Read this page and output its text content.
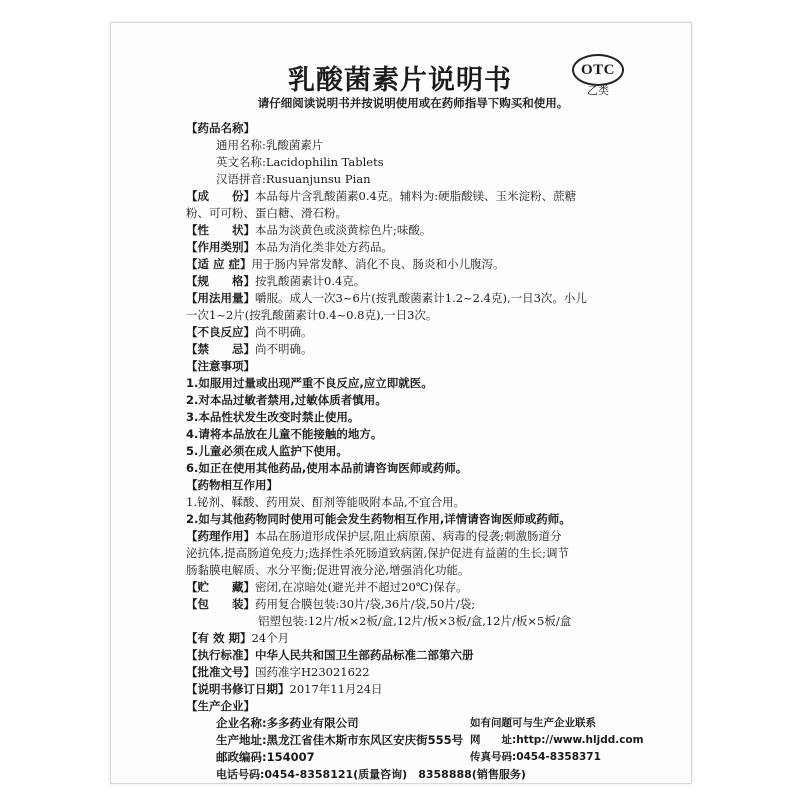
OTC
乙类
乳酸菌素片说明书
请仔细阅读说明书并按说明使用或在药师指导下购买和使用。
【药品名称】
通用名称:乳酸菌素片
英文名称:Lacidophilin Tablets
汉语拼音:Rusuanjunsu Pian
【成　　份】本品每片含乳酸菌素0.4克。辅料为:硬脂酸镁、玉米淀粉、蔗糖
粉、可可粉、蛋白糖、滑石粉。
【性　　状】本品为淡黄色或淡黄棕色片;味酸。
【作用类别】本品为消化类非处方药品。
【适 应 症】用于肠内异常发酵、消化不良、肠炎和小儿腹泻。
【规　　格】按乳酸菌素计0.4克。
【用法用量】嚼服。成人一次3~6片(按乳酸菌素计1.2~2.4克),一日3次。小儿
一次1~2片(按乳酸菌素计0.4~0.8克),一日3次。
【不良反应】尚不明确。
【禁　　忌】尚不明确。
【注意事项】
1.如服用过量或出现严重不良反应,应立即就医。
2.对本品过敏者禁用,过敏体质者慎用。
3.本品性状发生改变时禁止使用。
4.请将本品放在儿童不能接触的地方。
5.儿童必须在成人监护下使用。
6.如正在使用其他药品,使用本品前请咨询医师或药师。
【药物相互作用】
1.铋剂、鞣酸、药用炭、酊剂等能吸附本品,不宜合用。
2.如与其他药物同时使用可能会发生药物相互作用,详情请咨询医师或药师。
【药理作用】本品在肠道形成保护层,阻止病原菌、病毒的侵袭;刺激肠道分
泌抗体,提高肠道免疫力;选择性杀死肠道致病菌,保护促进有益菌的生长;调节
肠黏膜电解质、水分平衡;促进胃液分泌,增强消化功能。
【贮　　藏】密闭,在凉暗处(避光并不超过20℃)保存。
【包　　装】药用复合膜包装:30片/袋,36片/袋,50片/袋;
铝塑包装:12片/板×2板/盒,12片/板×3板/盒,12片/板×5板/盒
【有 效 期】24个月
【执行标准】中华人民共和国卫生部药品标准二部第六册
【批准文号】国药准字H23021622
【说明书修订日期】2017年11月24日
【生产企业】
企业名称:多多药业有限公司
生产地址:黑龙江省佳木斯市东风区安庆街555号
邮政编码:154007
电话号码:0454-8358121(质量咨询)　8358888(销售服务)
传真号码:0454-8358371
网　　址:http://www.hljdd.com
如有问题可与生产企业联系
